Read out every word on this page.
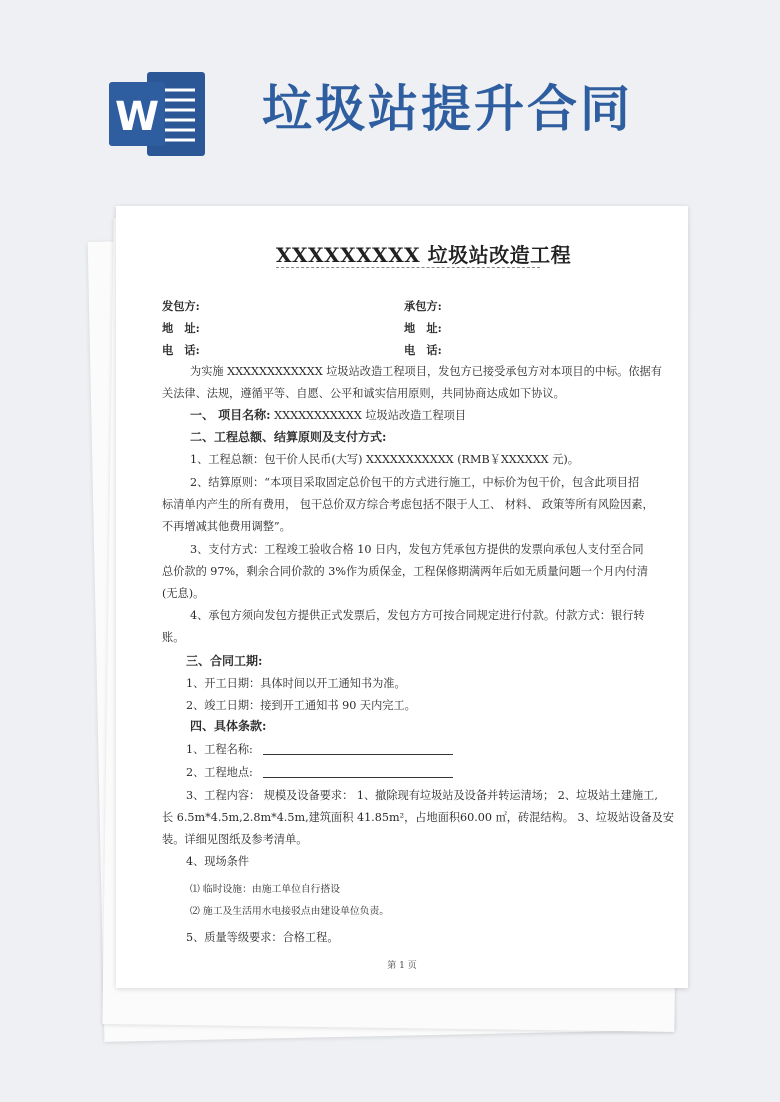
W 垃圾站提升合同
XXXXXXXXX 垃圾站改造工程
发包方:	承包方:
地　址:	地　址:
电　话:	电　话:
为实施 XXXXXXXXXXXX 垃圾站改造工程项目，发包方已接受承包方对本项目的中标。依据有
关法律、法规，遵循平等、自愿、公平和诚实信用原则，共同协商达成如下协议。
一、 项目名称: XXXXXXXXXXX 垃圾站改造工程项目
二、工程总额、结算原则及支付方式:
1、工程总额：包干价人民币(大写) XXXXXXXXXXX (RMB￥XXXXXX 元)。
2、结算原则：“本项目采取固定总价包干的方式进行施工，中标价为包干价，包含此项目招
标清单内产生的所有费用， 包干总价双方综合考虑包括不限于人工、 材料、 政策等所有风险因素，
不再增减其他费用调整”。
3、支付方式：工程竣工验收合格 10 日内，发包方凭承包方提供的发票向承包人支付至合同
总价款的 97%，剩余合同价款的 3%作为质保金，工程保修期满两年后如无质量问题一个月内付清
(无息)。
4、承包方须向发包方提供正式发票后，发包方方可按合同规定进行付款。付款方式：银行转
账。
三、合同工期:
1、开工日期：具体时间以开工通知书为准。
2、竣工日期：接到开工通知书 90 天内完工。
四、具体条款:
1、工程名称:
2、工程地点:
3、工程内容： 规模及设备要求： 1、撤除现有垃圾站及设备并转运清场； 2、垃圾站土建施工,
长 6.5m*4.5m,2.8m*4.5m,建筑面积 41.85m²，占地面积60.00 ㎡，砖混结构。 3、垃圾站设备及安
装。详细见图纸及参考清单。
4、现场条件
⑴ 临时设施：由施工单位自行搭设
⑵ 施工及生活用水电接驳点由建设单位负责。
5、质量等级要求：合格工程。
第 1 页
